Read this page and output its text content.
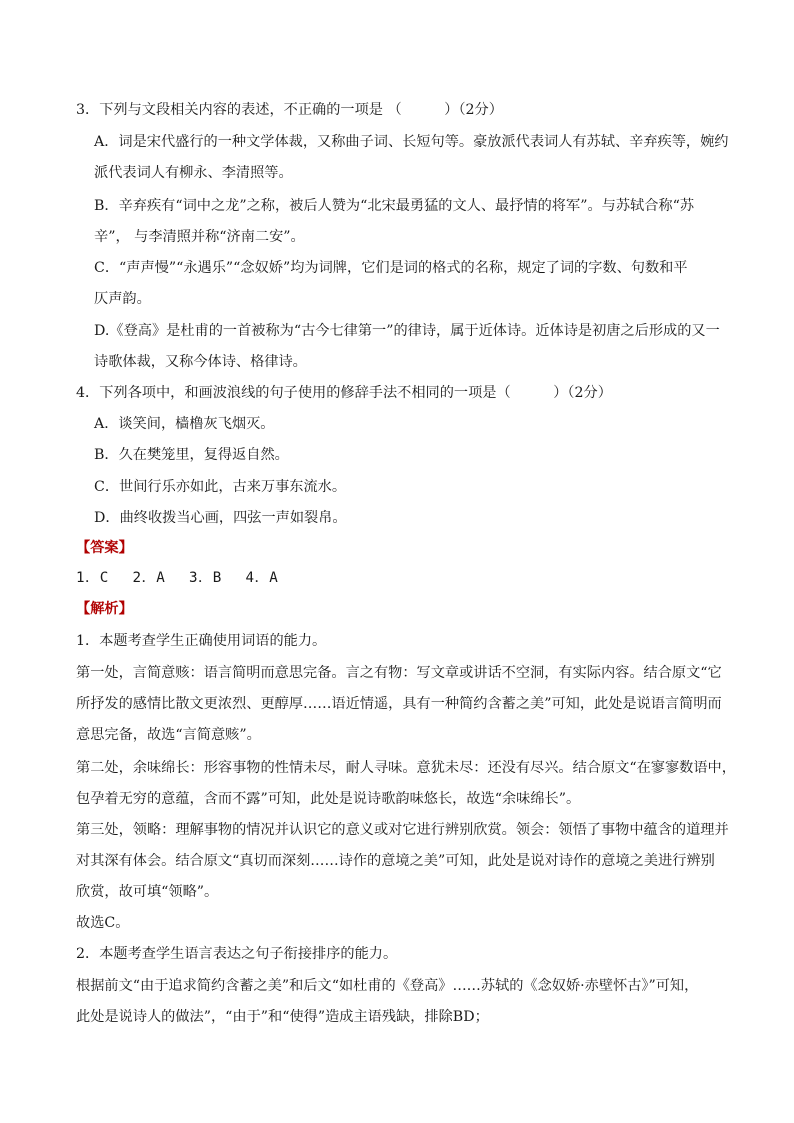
3．下列与文段相关内容的表述，不正确的一项是 （　　　）（2分）
A．词是宋代盛行的一种文学体裁，又称曲子词、长短句等。豪放派代表词人有苏轼、辛弃疾等，婉约
派代表词人有柳永、李清照等。
B．辛弃疾有“词中之龙”之称，被后人赞为“北宋最勇猛的文人、最抒情的将军”。与苏轼合称“苏
辛”， 与李清照并称“济南二安”。
C．“声声慢”“永遇乐”“念奴娇”均为词牌，它们是词的格式的名称，规定了词的字数、句数和平
仄声韵。
D.《登高》是杜甫的一首被称为“古今七律第一”的律诗，属于近体诗。近体诗是初唐之后形成的又一
诗歌体裁，又称今体诗、格律诗。
4．下列各项中，和画波浪线的句子使用的修辞手法不相同的一项是（　　　）（2分）
A．谈笑间，樯橹灰飞烟灭。
B．久在樊笼里，复得返自然。
C．世间行乐亦如此，古来万事东流水。
D．曲终收拨当心画，四弦一声如裂帛。
【答案】
1．C　 2．A　 3．B　 4．A
【解析】
1．本题考查学生正确使用词语的能力。
第一处，言简意赅：语言简明而意思完备。言之有物：写文章或讲话不空洞，有实际内容。结合原文“它
所抒发的感情比散文更浓烈、更醇厚……语近情遥，具有一种简约含蓄之美”可知，此处是说语言简明而
意思完备，故选“言简意赅”。
第二处，余味绵长：形容事物的性情未尽，耐人寻味。意犹未尽：还没有尽兴。结合原文“在寥寥数语中，
包孕着无穷的意蕴，含而不露”可知，此处是说诗歌韵味悠长，故选“余味绵长”。
第三处，领略：理解事物的情况并认识它的意义或对它进行辨别欣赏。领会：领悟了事物中蕴含的道理并
对其深有体会。结合原文“真切而深刻……诗作的意境之美”可知，此处是说对诗作的意境之美进行辨别
欣赏，故可填“领略”。
故选C。
2．本题考查学生语言表达之句子衔接排序的能力。
根据前文“由于追求简约含蓄之美”和后文“如杜甫的《登高》……苏轼的《念奴娇·赤壁怀古》”可知，
此处是说诗人的做法”，“由于”和“使得”造成主语残缺，排除BD；
